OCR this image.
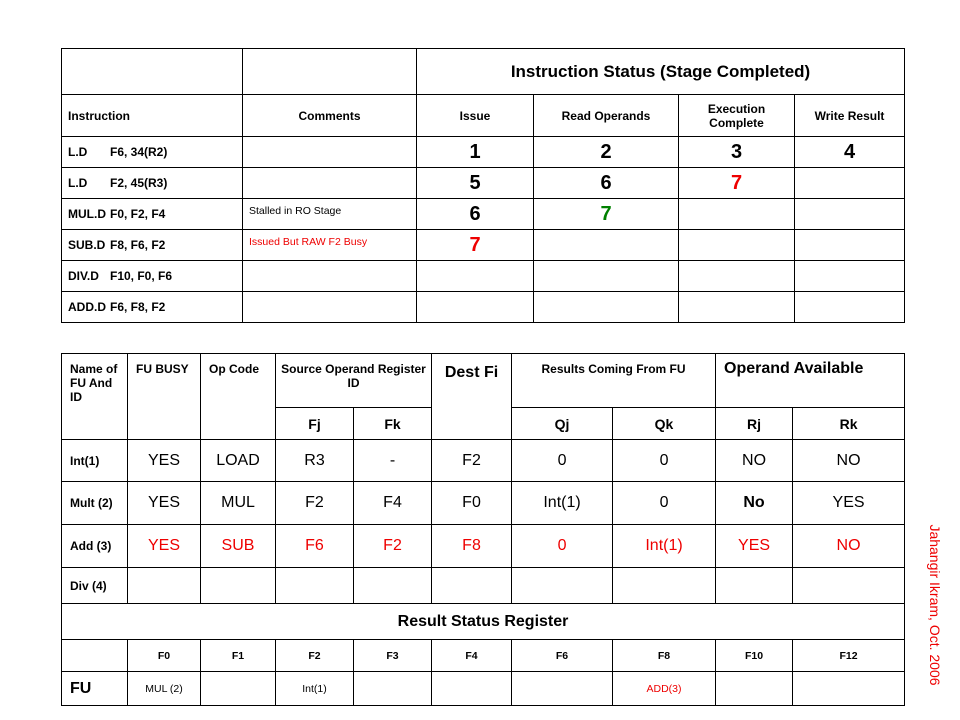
		Instruction Status (Stage Completed)			
Instruction	Comments	Issue	Read Operands	Execution Complete	Write Result
L.D F6, 34(R2)		1	2	3	4
L.D F2, 45(R3)		5	6	7	
MUL.D F0, F2, F4	Stalled in RO Stage	6	7		
SUB.D F8, F6, F2	Issued But RAW F2 Busy	7			
DIV.D F10, F0, F6					
ADD.D F6, F8, F2					
Name of FU And ID	FU BUSY	Op Code	Source Operand Register ID		Dest Fi	Results Coming From FU		Operand Available	
			Fj	Fk		Qj	Qk	Rj	Rk
Int(1)	YES	LOAD	R3	-	F2	0	0	NO	NO
Mult (2)	YES	MUL	F2	F4	F0	Int(1)	0	No	YES
Add (3)	YES	SUB	F6	F2	F8	0	Int(1)	YES	NO
Div (4)									
Result Status Register									
	F0	F1	F2	F3	F4	F6	F8	F10	F12
FU	MUL (2)		Int(1)				ADD(3)		
Jahangir Ikram, Oct. 2006
